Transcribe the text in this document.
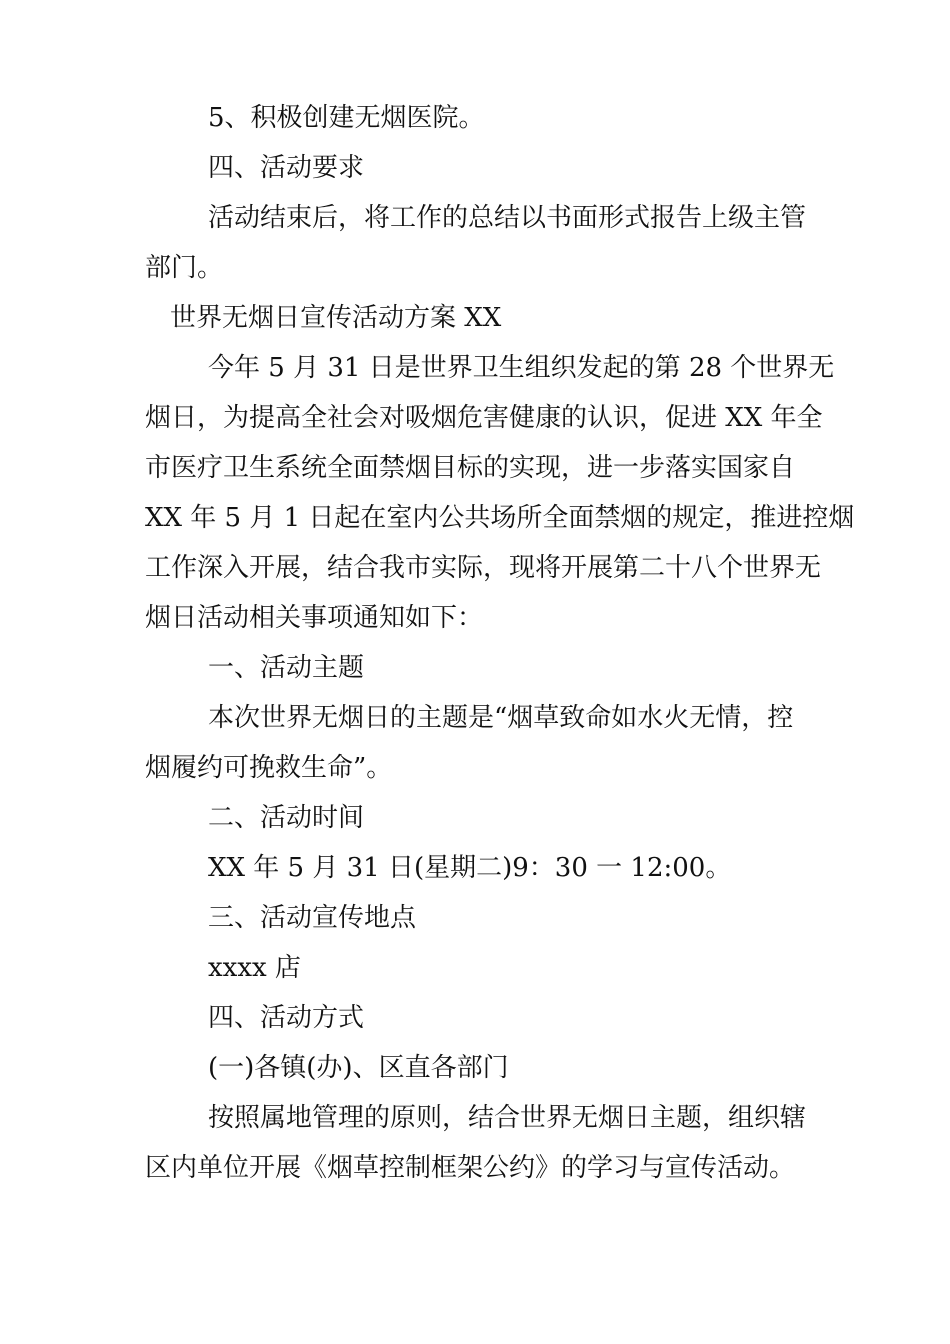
5、积极创建无烟医院。
四、活动要求
活动结束后，将工作的总结以书面形式报告上级主管
部门。
世界无烟日宣传活动方案 XX
今年 5 月 31 日是世界卫生组织发起的第 28 个世界无
烟日，为提高全社会对吸烟危害健康的认识，促进 XX 年全
市医疗卫生系统全面禁烟目标的实现，进一步落实国家自
XX 年 5 月 1 日起在室内公共场所全面禁烟的规定，推进控烟
工作深入开展，结合我市实际，现将开展第二十八个世界无
烟日活动相关事项通知如下：
一、活动主题
本次世界无烟日的主题是“烟草致命如水火无情，控
烟履约可挽救生命”。
二、活动时间
XX 年 5 月 31 日(星期二)9：30 一 12:00。
三、活动宣传地点
xxxx 店
四、活动方式
(一)各镇(办)、区直各部门
按照属地管理的原则，结合世界无烟日主题，组织辖
区内单位开展《烟草控制框架公约》的学习与宣传活动。
